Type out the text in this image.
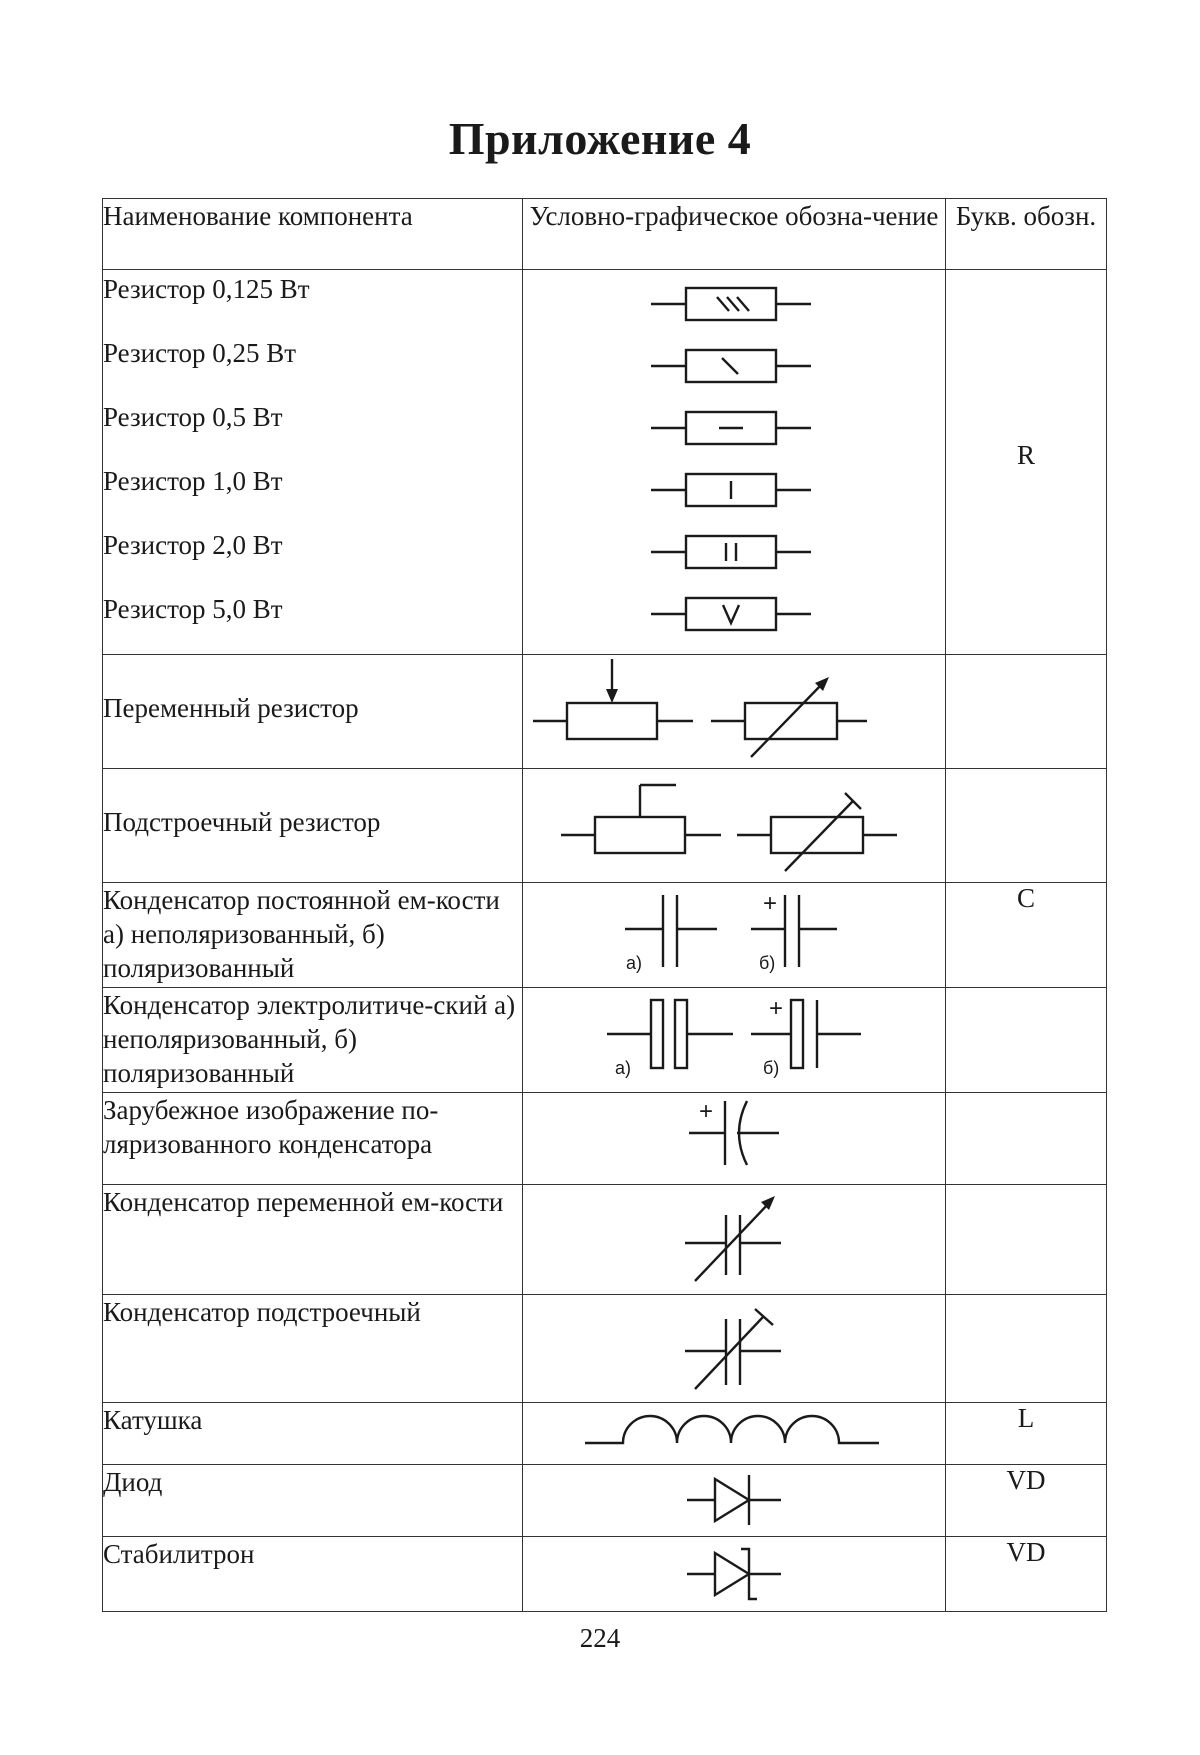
Приложение 4
Наименование компонента	Условно-графическое обозна-чение	Букв. обозн.

Резистор 0,125 Вт
Резистор 0,25 Вт
Резистор 0,5 Вт
Резистор 1,0 Вт
Резистор 2,0 Вт
Резистор 5,0 Вт

	R
Переменный резистор	

Подстроечный резистор	

Конденсатор постоянной ем-кости а) неполяризованный, б) поляризованный	а)
+
б)
	C
Конденсатор электролитиче-ский а) неполяризованный, б) поляризованный	а)
+
б)

Зарубежное изображение по-ляризованного конденсатора	
+

Конденсатор переменной ем-кости	

Конденсатор подстроечный	

Катушка		L
Диод		VD
Стабилитрон		VD
224
